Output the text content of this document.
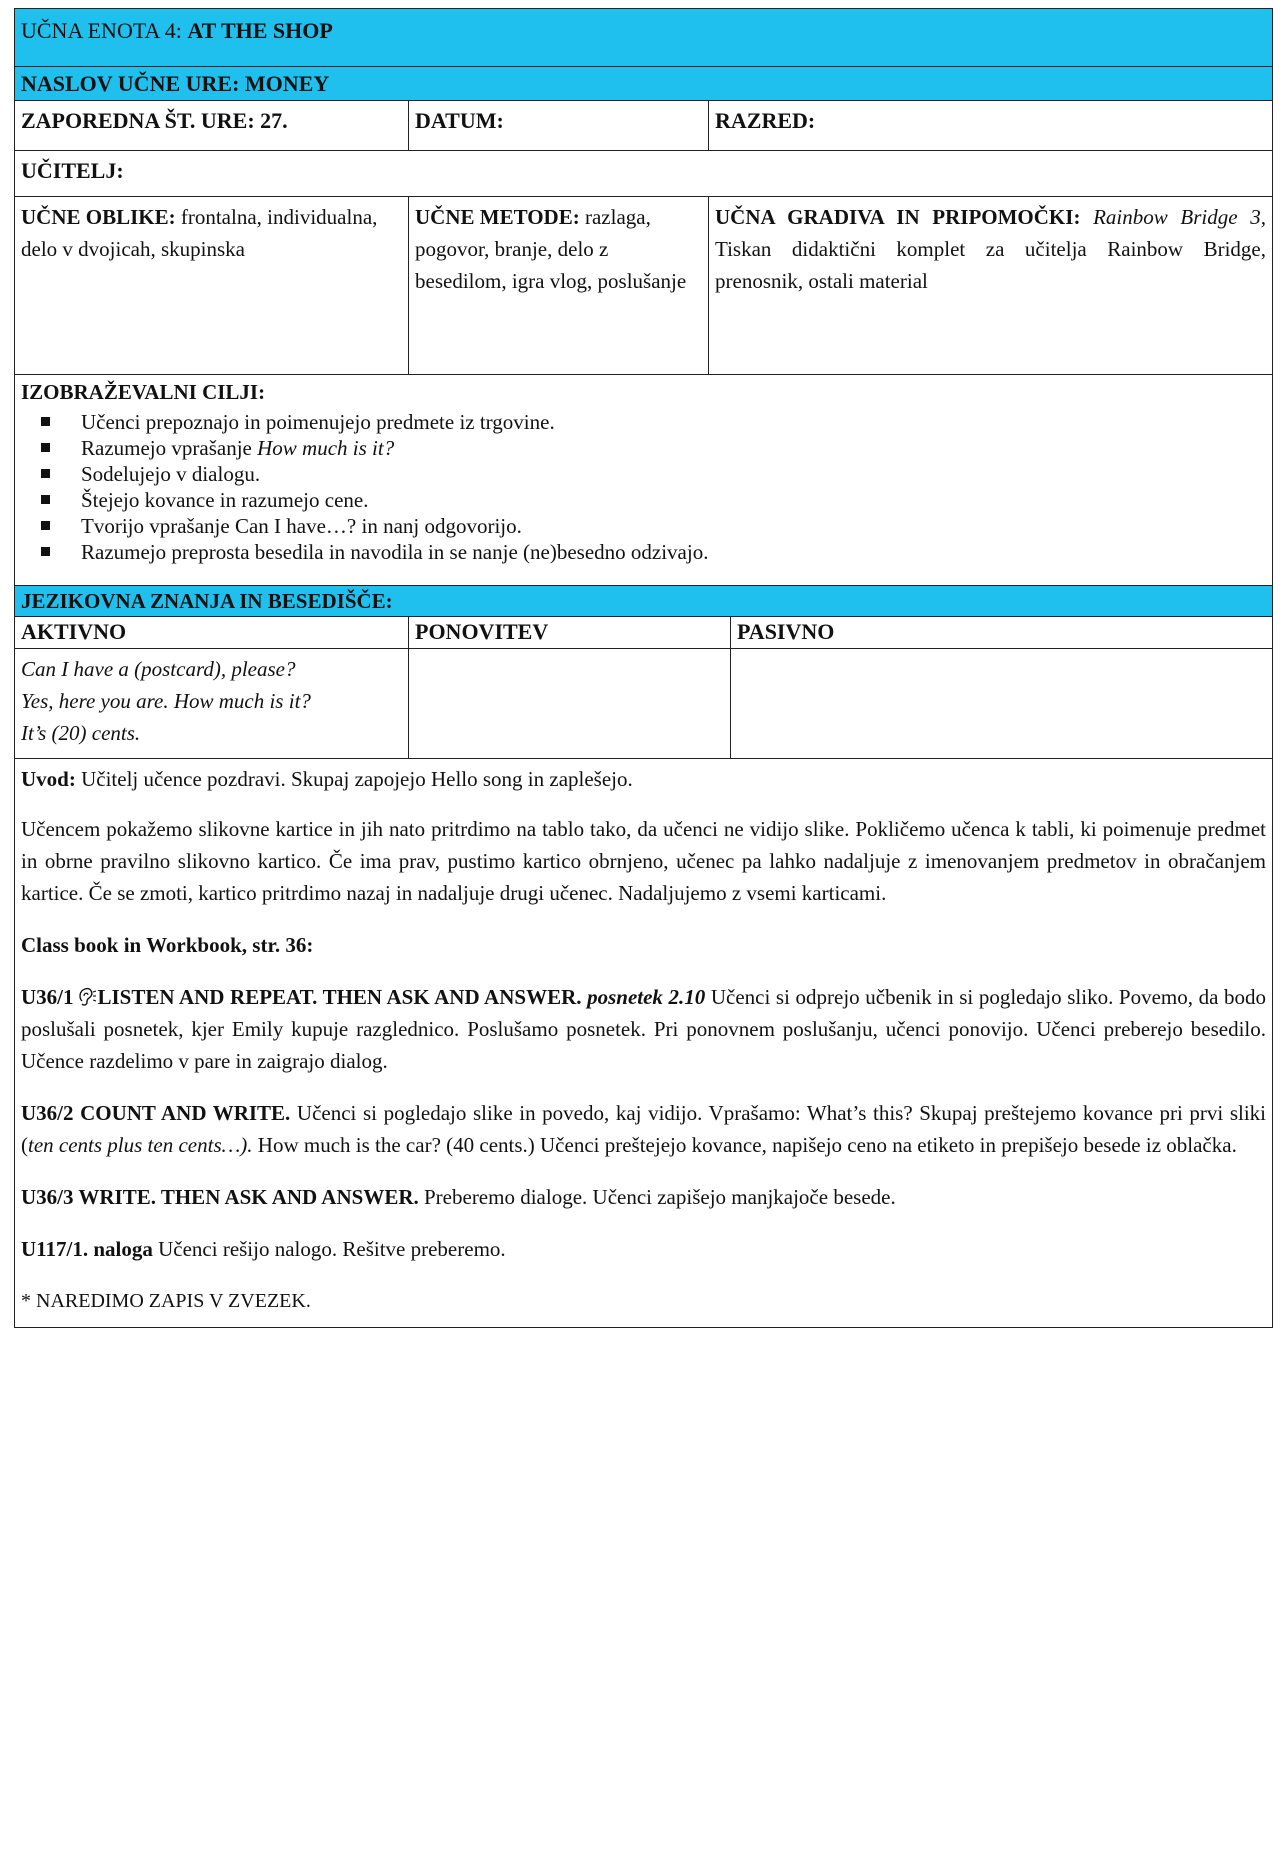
UČNA ENOTA 4: AT THE SHOP
NASLOV UČNE URE: MONEY
ZAPOREDNA ŠT. URE: 27.	DATUM:	RAZRED:
UČITELJ:
UČNE OBLIKE: frontalna, individualna, delo v dvojicah, skupinska
UČNE METODE: razlaga, pogovor, branje, delo z besedilom, igra vlog, poslušanje
UČNA GRADIVA IN PRIPOMOČKI: Rainbow Bridge 3, Tiskan didaktični komplet za učitelja Rainbow Bridge, prenosnik, ostali material
IZOBRAŽEVALNI CILJI:
Učenci prepoznajo in poimenujejo predmete iz trgovine.
Razumejo vprašanje How much is it?
Sodelujejo v dialogu.
Štejejo kovance in razumejo cene.
Tvorijo vprašanje Can I have…? in nanj odgovorijo.
Razumejo preprosta besedila in navodila in se nanje (ne)besedno odzivajo.
JEZIKOVNA ZNANJA IN BESEDIŠČE:
AKTIVNO	PONOVITEV	PASIVNO
Can I have a (postcard), please?
Yes, here you are. How much is it?
It’s (20) cents.

Uvod: Učitelj učence pozdravi. Skupaj zapojejo Hello song in zaplešejo.

Učencem pokažemo slikovne kartice in jih nato pritrdimo na tablo tako, da učenci ne vidijo slike. Pokličemo učenca k tabli, ki poimenuje predmet in obrne pravilno slikovno kartico. Če ima prav, pustimo kartico obrnjeno, učenec pa lahko nadaljuje z imenovanjem predmetov in obračanjem kartice. Če se zmoti, kartico pritrdimo nazaj in nadaljuje drugi učenec. Nadaljujemo z vsemi karticami.

Class book in Workbook, str. 36:

U36/1 LISTEN AND REPEAT. THEN ASK AND ANSWER. posnetek 2.10 Učenci si odprejo učbenik in si pogledajo sliko. Povemo, da bodo poslušali posnetek, kjer Emily kupuje razglednico. Poslušamo posnetek. Pri ponovnem poslušanju, učenci ponovijo. Učenci preberejo besedilo. Učence razdelimo v pare in zaigrajo dialog.

U36/2 COUNT AND WRITE. Učenci si pogledajo slike in povedo, kaj vidijo. Vprašamo: What’s this? Skupaj preštejemo kovance pri prvi sliki (ten cents plus ten cents…). How much is the car? (40 cents.) Učenci preštejejo kovance, napišejo ceno na etiketo in prepišejo besede iz oblačka.

U36/3 WRITE. THEN ASK AND ANSWER. Preberemo dialoge. Učenci zapišejo manjkajoče besede.

U117/1. naloga Učenci rešijo nalogo. Rešitve preberemo.

* NAREDIMO ZAPIS V ZVEZEK.
